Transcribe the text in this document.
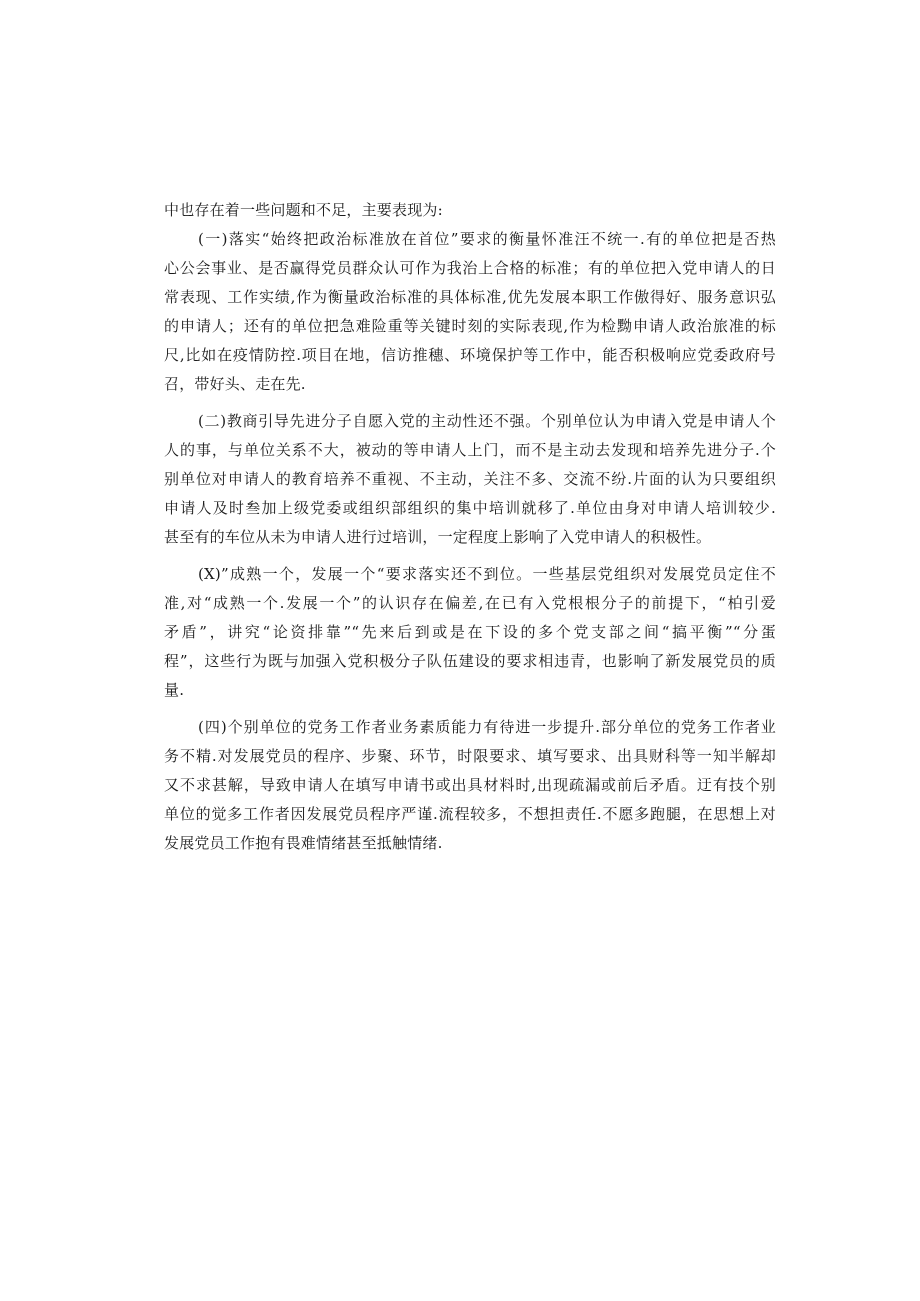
中也存在着一些问题和不足，主要表现为:
(一)落实“始终把政治标准放在首位”要求的衡量怀准汪不统一.有的单位把是否热
心公会事业、是否赢得党员群众认可作为我治上合格的标准；有的单位把入党申请人的日
常表现、工作实绩,作为衡量政治标准的具体标准,优先发展本职工作傲得好、服务意识弘
的申请人；还有的单位把急难险重等关键时刻的实际表现,作为检黝申请人政治旅准的标
尺,比如在疫情防控.项目在地，信访推穗、环境保护等工作中，能否积极响应党委政府号
召，带好头、走在先.
(二)教商引导先进分子自愿入党的主动性还不强。个别单位认为申请入党是申请人个
人的事，与单位关系不大，被动的等申请人上门，而不是主动去发现和培养先进分子.个
别单位对申请人的教育培养不重视、不主动，关注不多、交流不纷.片面的认为只要组织
申请人及时叁加上级党委或组织部组织的集中培训就移了.单位由身对申请人培训较少.
甚至有的车位从未为申请人进行过培训，一定程度上影响了入党申请人的积极性。
(X)”成熟一个，发展一个“要求落实还不到位。一些基层党组织对发展党员定住不
准,对“成熟一个.发展一个”的认识存在偏差,在已有入党根根分子的前提下，“柏引爱
矛盾”，讲究“论资排靠”“先来后到或是在下设的多个党支部之间“搞平衡”“分蛋
程”，这些行为既与加强入党积极分子队伍建设的要求相违青，也影响了新发展党员的质
量.
(四)个别单位的党务工作者业务素质能力有待进一步提升.部分单位的党务工作者业
务不精.对发展党员的程序、步聚、环节，时限要求、填写要求、出具财科等一知半解却
又不求甚解，导致申请人在填写申请书或出具材料时,出现疏漏或前后矛盾。迂有技个别
单位的觉多工作者因发展党员程序严谨.流程较多，不想担责任.不愿多跑腿，在思想上对
发展党员工作抱有畏难情绪甚至抵触情绪.
